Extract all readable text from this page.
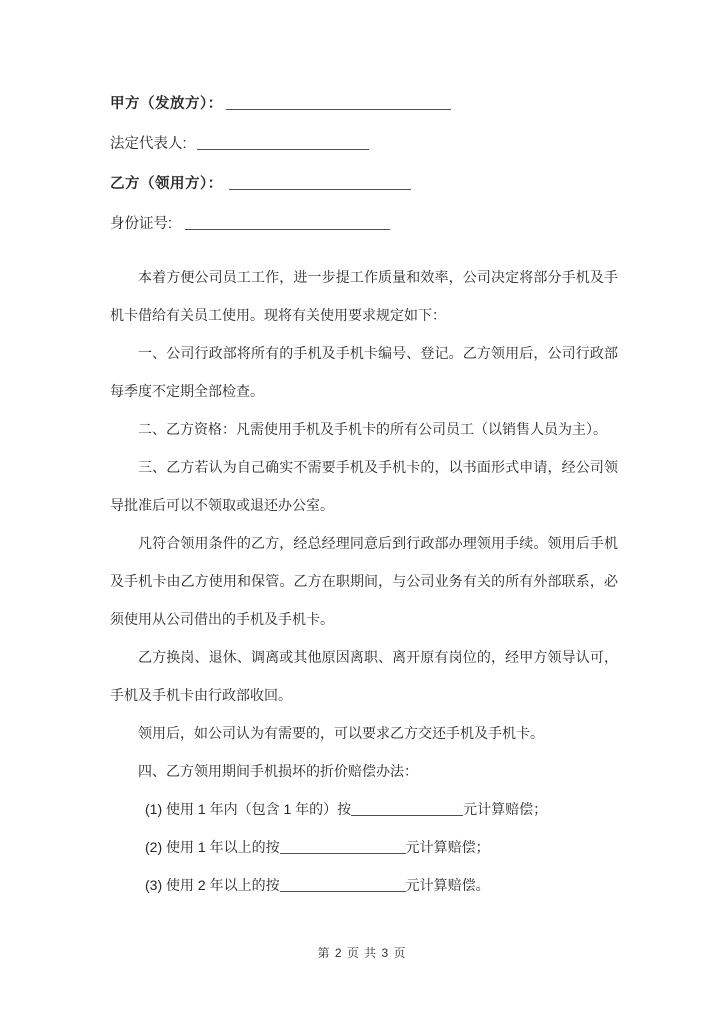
甲方（发放方）：
法定代表人:
乙方（领用方）：
身份证号:

本着方便公司员工工作，进一步提工作质量和效率，公司决定将部分手机及手机卡借给有关员工使用。现将有关使用要求规定如下：

一、公司行政部将所有的手机及手机卡编号、登记。乙方领用后，公司行政部每季度不定期全部检查。

二、乙方资格：凡需使用手机及手机卡的所有公司员工（以销售人员为主）。

三、乙方若认为自己确实不需要手机及手机卡的，以书面形式申请，经公司领导批准后可以不领取或退还办公室。

凡符合领用条件的乙方，经总经理同意后到行政部办理领用手续。领用后手机及手机卡由乙方使用和保管。乙方在职期间，与公司业务有关的所有外部联系，必须使用从公司借出的手机及手机卡。

乙方换岗、退休、调离或其他原因离职、离开原有岗位的，经甲方领导认可，手机及手机卡由行政部收回。

领用后，如公司认为有需要的，可以要求乙方交还手机及手机卡。

四、乙方领用期间手机损坏的折价赔偿办法：

(1) 使用 1 年内（包含 1 年的）按	元计算赔偿；

(2) 使用 1 年以上的按	元计算赔偿；

(3) 使用 2 年以上的按	元计算赔偿。

第 2 页 共 3 页
